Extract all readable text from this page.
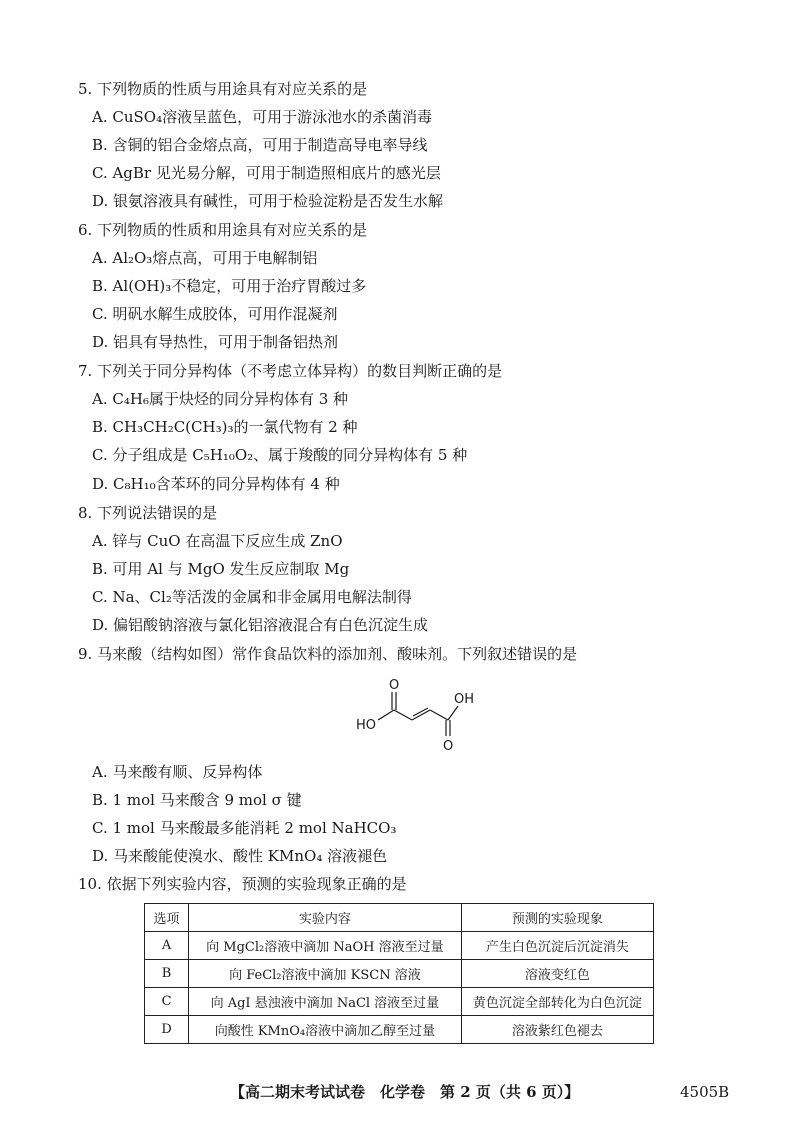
5. 下列物质的性质与用途具有对应关系的是
A. CuSO₄溶液呈蓝色，可用于游泳池水的杀菌消毒
B. 含铜的铝合金熔点高，可用于制造高导电率导线
C. AgBr 见光易分解，可用于制造照相底片的感光层
D. 银氨溶液具有碱性，可用于检验淀粉是否发生水解
6. 下列物质的性质和用途具有对应关系的是
A. Al₂O₃熔点高，可用于电解制铝
B. Al(OH)₃不稳定，可用于治疗胃酸过多
C. 明矾水解生成胶体，可用作混凝剂
D. 铝具有导热性，可用于制备铝热剂
7. 下列关于同分异构体（不考虑立体异构）的数目判断正确的是
A. C₄H₆属于炔烃的同分异构体有 3 种
B. CH₃CH₂C(CH₃)₃的一氯代物有 2 种
C. 分子组成是 C₅H₁₀O₂、属于羧酸的同分异构体有 5 种
D. C₈H₁₀含苯环的同分异构体有 4 种
8. 下列说法错误的是
A. 锌与 CuO 在高温下反应生成 ZnO
B. 可用 Al 与 MgO 发生反应制取 Mg
C. Na、Cl₂等活泼的金属和非金属用电解法制得
D. 偏铝酸钠溶液与氯化铝溶液混合有白色沉淀生成
9. 马来酸（结构如图）常作食品饮料的添加剂、酸味剂。下列叙述错误的是
O
HO
O
OH
A. 马来酸有顺、反异构体
B. 1 mol 马来酸含 9 mol σ 键
C. 1 mol 马来酸最多能消耗 2 mol NaHCO₃
D. 马来酸能使溴水、酸性 KMnO₄ 溶液褪色
10. 依据下列实验内容，预测的实验现象正确的是
选项	实验内容	预测的实验现象
A	向 MgCl₂溶液中滴加 NaOH 溶液至过量	产生白色沉淀后沉淀消失
B	向 FeCl₂溶液中滴加 KSCN 溶液	溶液变红色
C	向 AgI 悬浊液中滴加 NaCl 溶液至过量	黄色沉淀全部转化为白色沉淀
D	向酸性 KMnO₄溶液中滴加乙醇至过量	溶液紫红色褪去
【高二期末考试试卷　化学卷　第 2 页（共 6 页）】	4505B
